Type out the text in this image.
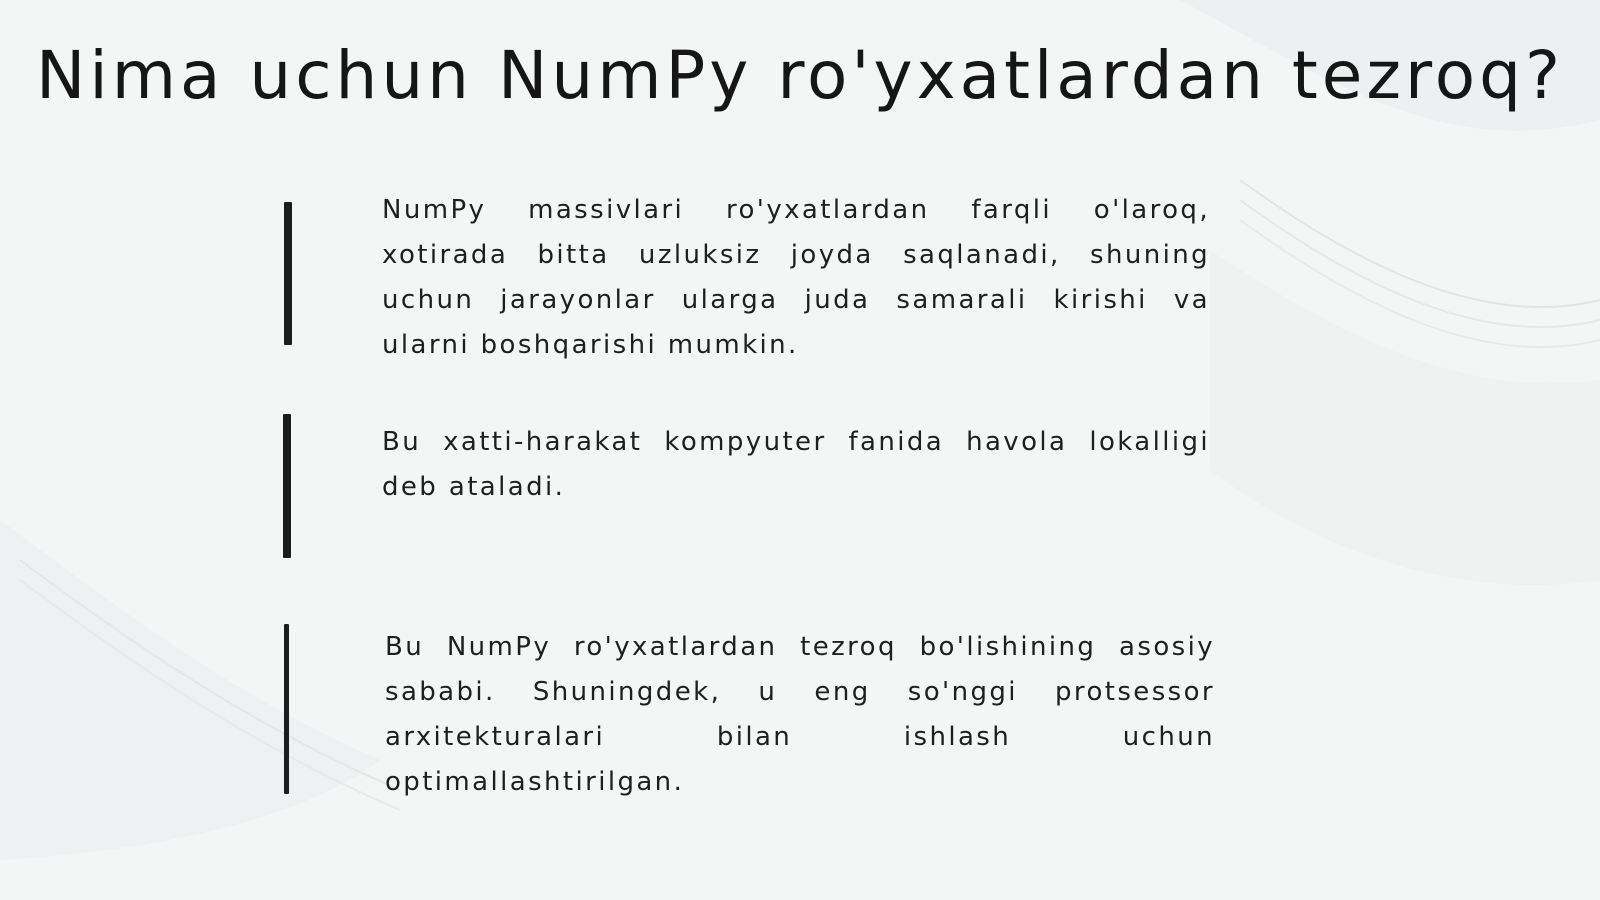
Nima uchun NumPy ro'yxatlardan tezroq?

NumPy massivlari ro'yxatlardan farqli o'laroq, xotirada bitta uzluksiz joyda saqlanadi, shuning uchun jarayonlar ularga juda samarali kirishi va ularni boshqarishi mumkin.

Bu xatti-harakat kompyuter fanida havola lokalligi deb ataladi.

Bu NumPy ro'yxatlardan tezroq bo'lishining asosiy sababi. Shuningdek, u eng so'nggi protsessor arxitekturalari bilan ishlash uchun optimallashtirilgan.
